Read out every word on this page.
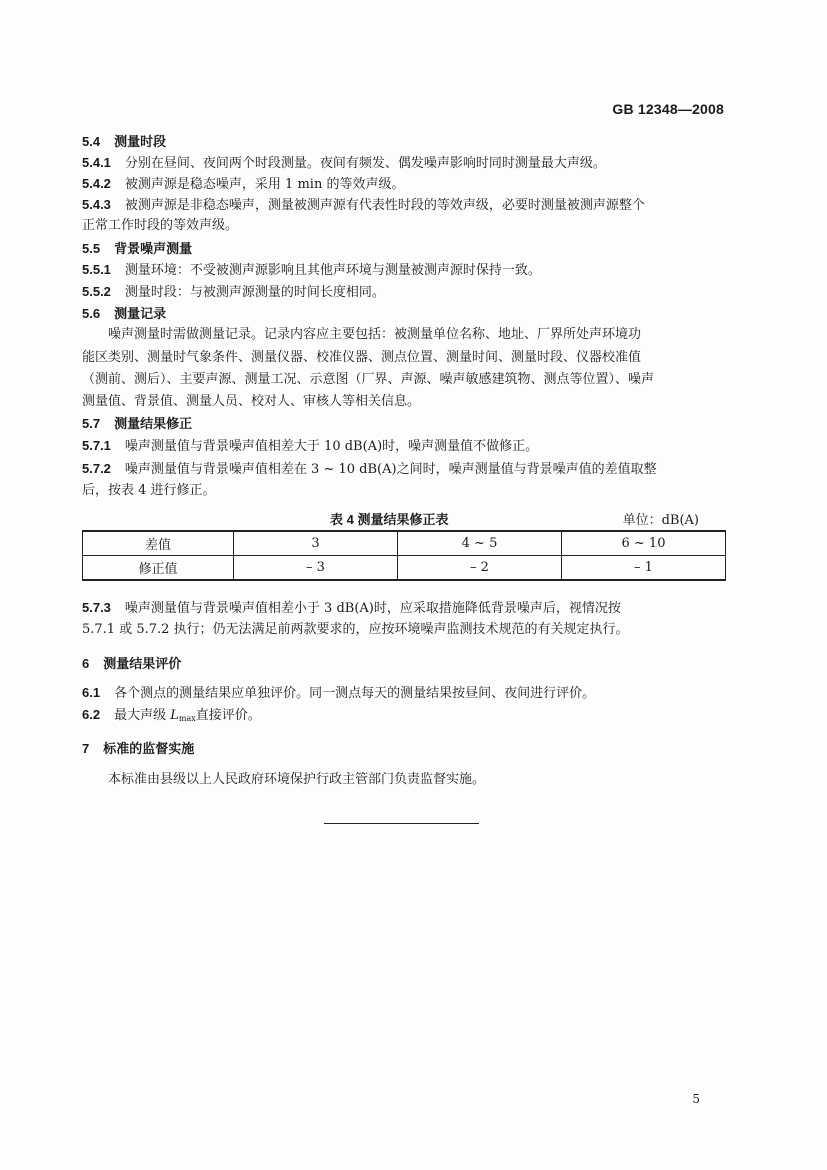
GB 12348—2008
5.4 测量时段
5.4.1 分别在昼间、夜间两个时段测量。夜间有频发、偶发噪声影响时同时测量最大声级。
5.4.2 被测声源是稳态噪声，采用 1 min 的等效声级。
5.4.3 被测声源是非稳态噪声，测量被测声源有代表性时段的等效声级，必要时测量被测声源整个
正常工作时段的等效声级。
5.5 背景噪声测量
5.5.1 测量环境：不受被测声源影响且其他声环境与测量被测声源时保持一致。
5.5.2 测量时段：与被测声源测量的时间长度相同。
5.6 测量记录
噪声测量时需做测量记录。记录内容应主要包括：被测量单位名称、地址、厂界所处声环境功
能区类别、测量时气象条件、测量仪器、校准仪器、测点位置、测量时间、测量时段、仪器校准值
（测前、测后）、主要声源、测量工况、示意图（厂界、声源、噪声敏感建筑物、测点等位置）、噪声
测量值、背景值、测量人员、校对人、审核人等相关信息。
5.7 测量结果修正
5.7.1 噪声测量值与背景噪声值相差大于 10 dB(A)时，噪声测量值不做修正。
5.7.2 噪声测量值与背景噪声值相差在 3 ~ 10 dB(A)之间时，噪声测量值与背景噪声值的差值取整
后，按表 4 进行修正。
表 4 测量结果修正表	单位：dB(A)
差值	3	4 ~ 5	6 ~ 10
修正值	– 3	– 2	– 1
5.7.3 噪声测量值与背景噪声值相差小于 3 dB(A)时，应采取措施降低背景噪声后，视情况按
5.7.1 或 5.7.2 执行；仍无法满足前两款要求的，应按环境噪声监测技术规范的有关规定执行。
6 测量结果评价
6.1 各个测点的测量结果应单独评价。同一测点每天的测量结果按昼间、夜间进行评价。
6.2 最大声级 $L_{max}$直接评价。
7 标准的监督实施
本标准由县级以上人民政府环境保护行政主管部门负责监督实施。
5
